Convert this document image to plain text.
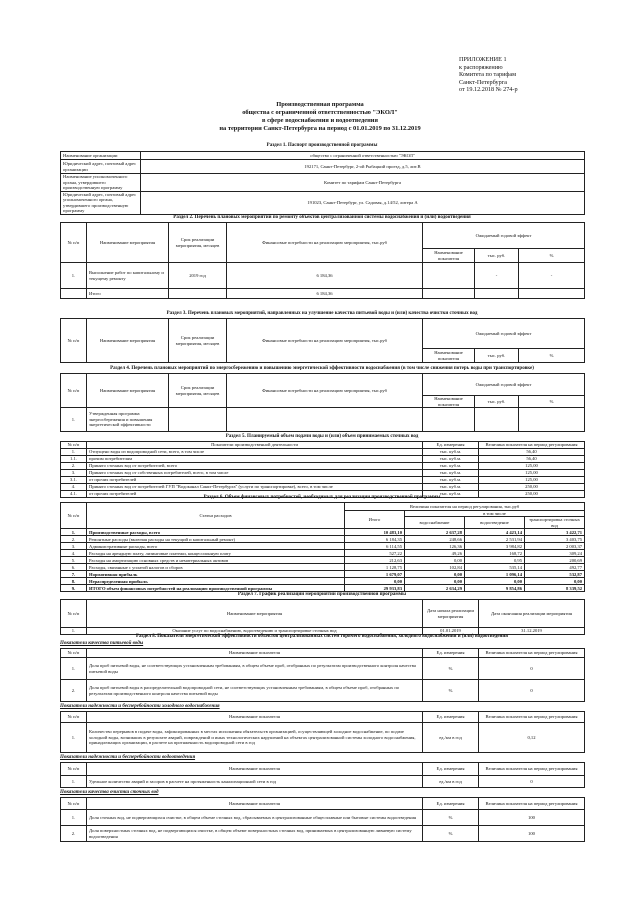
ПРИЛОЖЕНИЕ 1
к распоряжению
Комитета по тарифам
Санкт-Петербурга
от 19.12.2018 № 274-р
Производственная программа
общества с ограниченной ответственностью "ЭКОЛ"
в сфере водоснабжения и водоотведения
на территории Санкт-Петербурга на период с 01.01.2019 по 31.12.2019
Раздел 1. Паспорт производственной программы
Наименование организации	общество с ограниченной ответственностью "ЭКОЛ"
Юридический адрес, почтовый адрес организации	192171, Санкт-Петербург, 2-ой Рыбацкий проезд, д.5, лит.В
Наименование уполномоченного органа, утвердившего производственную программу	Комитет по тарифам Санкт-Петербурга
Юридический адрес, почтовый адрес уполномоченного органа, утвердившего производственную программу	191023, Санкт-Петербург, ул. Садовая, д.14/52, литера А
Раздел 2. Перечень плановых мероприятий по ремонту объектов централизованной системы водоснабжения и (или) водоотведения
№ п/п	Наименование мероприятия	Срок реализации мероприятия, месяцев	Финансовые потребности на реализацию мероприятия, тыс.руб	Ожидаемый годовой эффект		
				Наименование показателя	тыс. руб.	%
1.	Выполнение работ по капитальному и текущему ремонту	2019 год	6 184,36		-	-
	Итого		6 184,36			
Раздел 3. Перечень плановых мероприятий, направленных на улучшение качества питьевой воды и (или) качества очистки сточных вод
№ п/п	Наименование мероприятия	Срок реализации мероприятия, месяцев	Финансовые потребности на реализацию мероприятия, тыс.руб	Ожидаемый годовой эффект		
				Наименование показателя	тыс. руб.	%
Раздел 4. Перечень плановых мероприятий по энергосбережению и повышению энергетической эффективности водоснабжения (в том числе снижения потерь воды при транспортировке)
№ п/п	Наименование мероприятия	Срок реализации мероприятия, месяцев	Финансовые потребности на реализацию мероприятия, тыс.руб	Ожидаемый годовой эффект		
				Наименование показателя	тыс. руб.	%
1.	Утвержденная программа энергосбережения и повышения энергетической эффективности					
Раздел 5. Планируемый объем подачи воды и (или) объем принимаемых сточных вод
№ п/п	Показатели производственной деятельности	Ед. измерения	Величина показателя на период регулирования
1.	Отпущено воды из водопроводной сети, всего, в том числе	тыс. куб.м.	56,40
1.1.	прочим потребителям	тыс. куб.м.	56,40
2.	Принято сточных вод от потребителей, всего	тыс. куб.м.	125,00
3.	Принято сточных вод от собственных потребителей, всего, в том числе	тыс. куб.м.	125,00
3.1.	от прочих потребителей	тыс. куб.м.	125,00
4.	Принято сточных вод от потребителей ГУП "Водоканал Санкт-Петербурга" (услуги по транспортировке), всего, в том числе	тыс. куб.м.	250,00
4.1.	от прочих потребителей	тыс. куб.м.	250,00
Раздел 6. Объем финансовых потребностей, необходимых для реализации производственной программы
№ п/п	Статьи расходов	Величина показателя на период регулирования, тыс.руб			
		Итого	в том числе		
			водоснабжение	водоотведение	транспортировка сточных вод
1.	Производственные расходы, всего	10 483,10	2 637,28	4 423,14	3 422,71
2.	Ремонтные расходы (включая расходы на текущий и капитальный ремонт)	6 184,35	248,66	2 531,94	3 403,75
3.	Административные расходы, всего	6 114,55	126,36	3 984,82	2 003,37
4.	Расходы на арендную плату, лизинговые платежи, концессионную плату	527,22	49,26	168,72	309,24
5.	Расходы на амортизацию основных средств и нематериальных активов	212,63	0,00	0,95	200,69
6.	Расходы, связанные с уплатой налогов и сборов	1 128,75	102,84	535,14	492,77
7.	Нормативная прибыль	1 679,07	0,00	1 096,14	532,87
8.	Нераспределенная прибыль	0,00	0,00	0,00	0,00
9.	ИТОГО объем финансовых потребностей на реализацию производственной программы	29 933,83	2 634,29	9 854,86	8 339,52
Раздел 7. График реализации мероприятий производственной программы
№ п/п	Наименование мероприятия	Дата начала реализации мероприятия	Дата окончания реализации мероприятия
1.	Оказание услуг по водоснабжению, водоотведению и транспортировке сточных вод	01.01.2019	31.12.2019
Раздел 8. Показатели энергетической эффективности объектов централизованных систем горячего водоснабжения, холодного водоснабжения и (или) водоотведения
Показатели качества питьевой воды
№ п/п	Наименование показателя	Ед. измерения	Величина показателя на период регулирования
1.	Доля проб питьевой воды, не соответствующих установленным требованиям, в общем объеме проб, отобранных по результатам производственного контроля качества питьевой воды	%	0
2.	Доля проб питьевой воды в распределительной водопроводной сети, не соответствующих установленным требованиям, в общем объеме проб, отобранных по результатам производственного контроля качества питьевой воды	%	0
Показатели надежности и бесперебойности холодного водоснабжения
№ п/п	Наименование показателя	Ед. измерения	Величина показателя на период регулирования
1.	Количество перерывов в подаче воды, зафиксированных в местах исполнения обязательств организацией, осуществляющей холодное водоснабжение, по подаче холодной воды, возникших в результате аварий, повреждений и иных технологических нарушений на объектах централизованной системы холодного водоснабжения, принадлежащих организации, в расчете на протяженность водопроводной сети в год	ед./км в год	0,12
Показатели надежности и бесперебойности водоотведения
№ п/п	Наименование показателя	Ед. измерения	Величина показателя на период регулирования
1.	Удельное количество аварий и засоров в расчете на протяженность канализационной сети в год	ед./км в год	0
Показатели качества очистки сточных вод
№ п/п	Наименование показателя	Ед. измерения	Величина показателя на период регулирования
1.	Доля сточных вод, не подвергающихся очистке, в общем объеме сточных вод, сбрасываемых в централизованные общесплавные или бытовые системы водоотведения	%	100
2.	Доля поверхностных сточных вод, не подвергающихся очистке, в общем объеме поверхностных сточных вод, принимаемых в централизованную ливневую систему водоотведения	%	100
